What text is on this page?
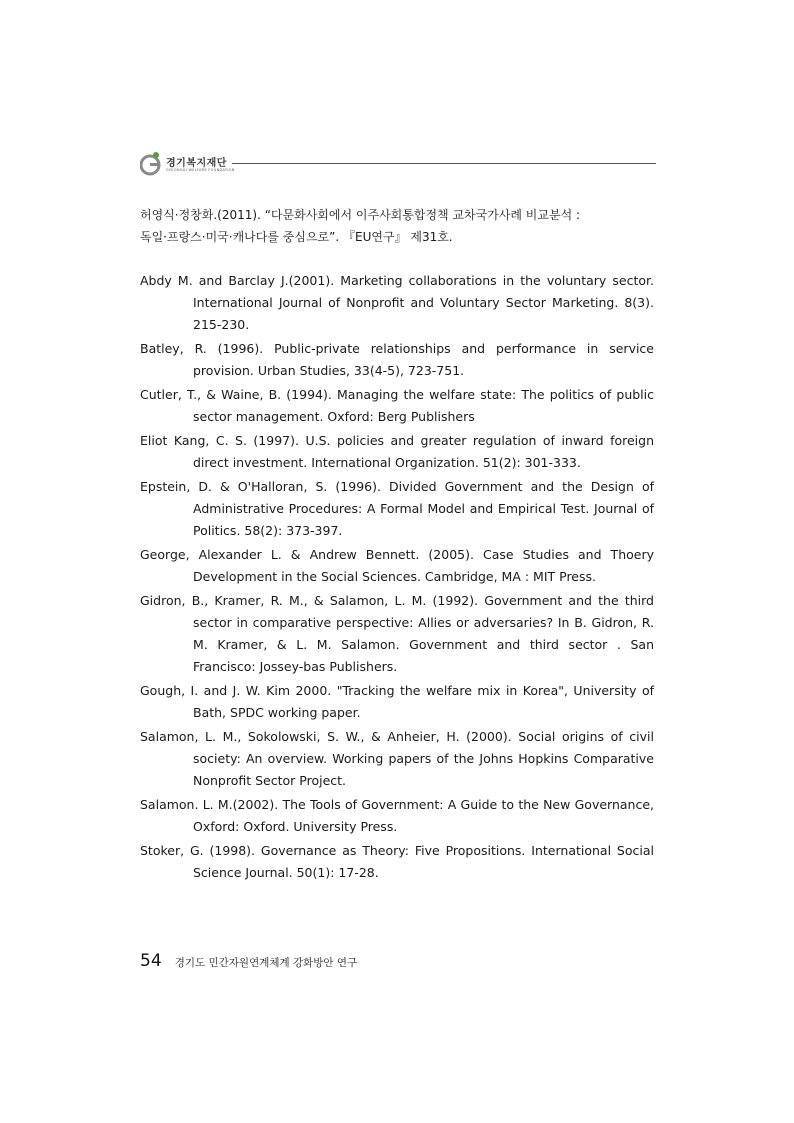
경기복지재단
GYEONGGI WELFARE FOUNDATION

허영식·정창화.(2011). “다문화사회에서 이주사회통합정책 교차국가사례 비교분석 :
독일·프랑스·미국·캐나다를 중심으로”. 『EU연구』 제31호.

Abdy M. and Barclay J.(2001). Marketing collaborations in the voluntary sector. International Journal of Nonprofit and Voluntary Sector Marketing. 8(3). 215-230.

Batley, R. (1996). Public-private relationships and performance in service provision. Urban Studies, 33(4-5), 723-751.

Cutler, T., & Waine, B. (1994). Managing the welfare state: The politics of public sector management. Oxford: Berg Publishers

Eliot Kang, C. S. (1997). U.S. policies and greater regulation of inward foreign direct investment. International Organization. 51(2): 301-333.

Epstein, D. & O'Halloran, S. (1996). Divided Government and the Design of Administrative Procedures: A Formal Model and Empirical Test. Journal of Politics. 58(2): 373-397.

George, Alexander L. & Andrew Bennett. (2005). Case Studies and Thoery Development in the Social Sciences. Cambridge, MA : MIT Press.

Gidron, B., Kramer, R. M., & Salamon, L. M. (1992). Government and the third sector in comparative perspective: Allies or adversaries? In B. Gidron, R. M. Kramer, & L. M. Salamon. Government and third sector . San Francisco: Jossey-bas Publishers.

Gough, I. and J. W. Kim 2000. "Tracking the welfare mix in Korea", University of Bath, SPDC working paper.

Salamon, L. M., Sokolowski, S. W., & Anheier, H. (2000). Social origins of civil society: An overview. Working papers of the Johns Hopkins Comparative Nonprofit Sector Project.

Salamon. L. M.(2002). The Tools of Government: A Guide to the New Governance, Oxford: Oxford. University Press.

Stoker, G. (1998). Governance as Theory: Five Propositions. International Social Science Journal. 50(1): 17-28.

54 경기도 민간자원연계체계 강화방안 연구
